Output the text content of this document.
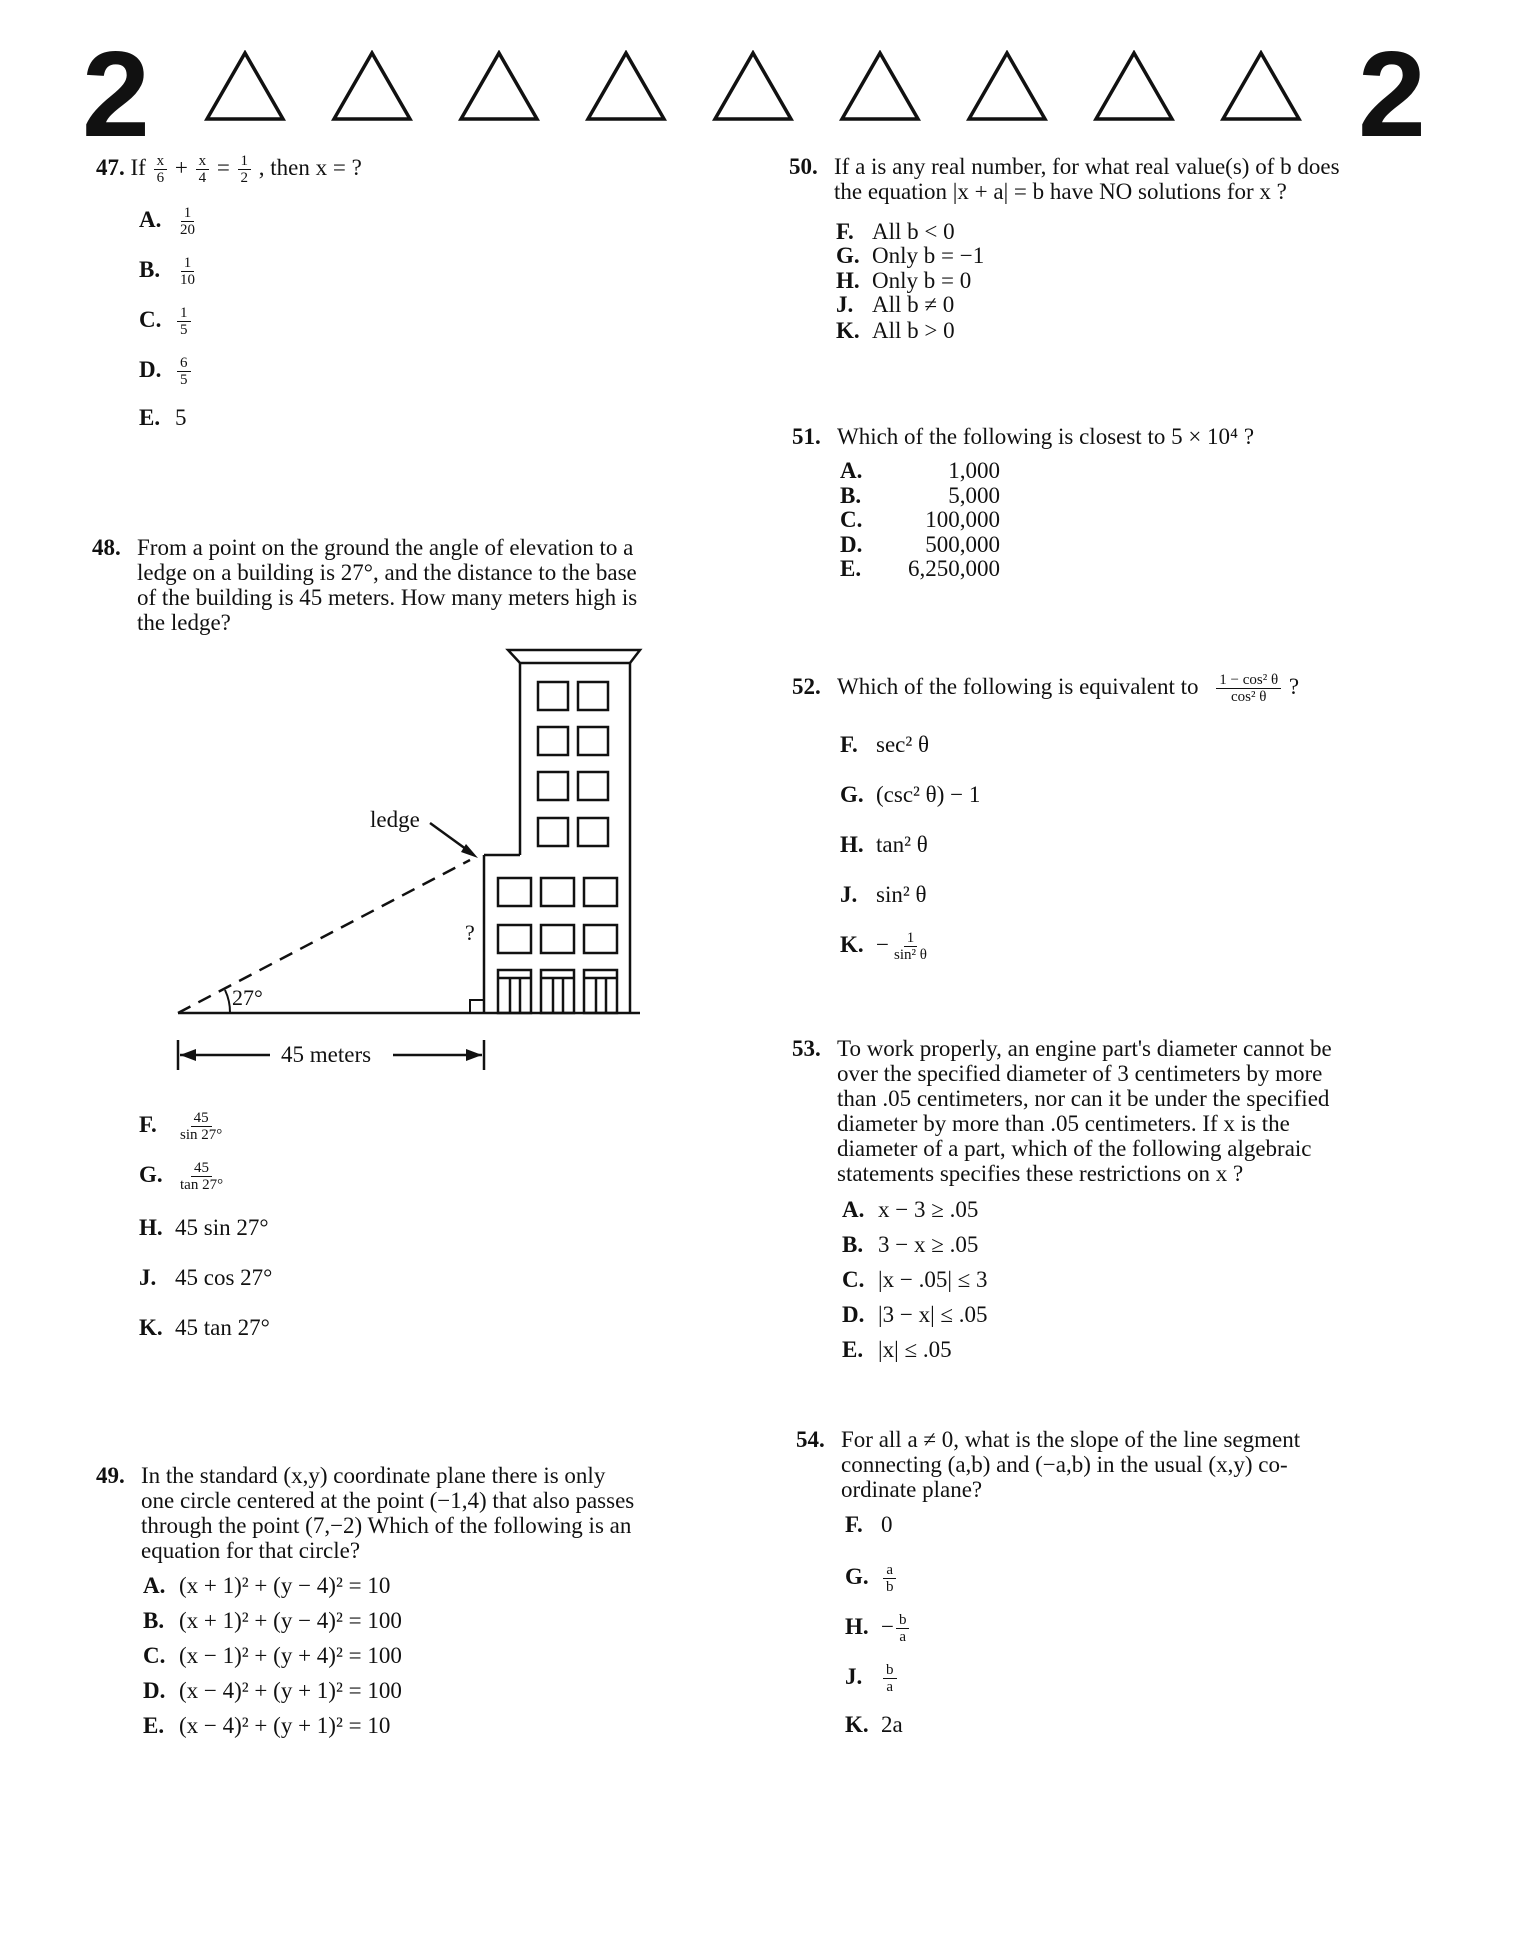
2	2
47. If $\frac{x}{6} + \frac{x}{4} = \frac{1}{2}$ , then x = ?
A. $\frac{1}{20}$
B. $\frac{1}{10}$
C. $\frac{1}{5}$
D. $\frac{6}{5}$
E. 5
48. From a point on the ground the angle of elevation to a
ledge on a building is 27°, and the distance to the base
of the building is 45 meters. How many meters high is
the ledge?
ledge
27°
?
45 meters
F. $\frac{45}{\sin 27^\circ}$
G. $\frac{45}{\tan 27^\circ}$
H. 45 sin 27°
J. 45 cos 27°
K. 45 tan 27°
49. In the standard (x,y) coordinate plane there is only
one circle centered at the point (−1,4) that also passes
through the point (7,−2) Which of the following is an
equation for that circle?
A. (x + 1)² + (y − 4)² = 10
B. (x + 1)² + (y − 4)² = 100
C. (x − 1)² + (y + 4)² = 100
D. (x − 4)² + (y + 1)² = 100
E. (x − 4)² + (y + 1)² = 10
50. If a is any real number, for what real value(s) of b does
the equation |x + a| = b have NO solutions for x ?
F. All b < 0
G. Only b = −1
H. Only b = 0
J. All b ≠ 0
K. All b > 0
51. Which of the following is closest to 5 × 10⁴ ?
A.	1,000
B.	5,000
C.	100,000
D.	500,000
E. 6,250,000
52. Which of the following is equivalent to $\frac{\text{1 − cos² θ}}{\text{cos² θ}}$ ?
F. sec² θ
G. (csc² θ) − 1
H. tan² θ
J. sin² θ
K. − $\frac{1}{\text{sin² θ}}$
53. To work properly, an engine part's diameter cannot be
over the specified diameter of 3 centimeters by more
than .05 centimeters, nor can it be under the specified
diameter by more than .05 centimeters. If x is the
diameter of a part, which of the following algebraic
statements specifies these restrictions on x ?
A. x − 3 ≥ .05
B. 3 − x ≥ .05
C. |x − .05| ≤ 3
D. |3 − x| ≤ .05
E. |x| ≤ .05
54. For all a ≠ 0, what is the slope of the line segment
connecting (a,b) and (−a,b) in the usual (x,y) co-
ordinate plane?
F. 0
G. $\frac{a}{b}$
H. − $\frac{b}{a}$
J. $\frac{b}{a}$
K. 2a
